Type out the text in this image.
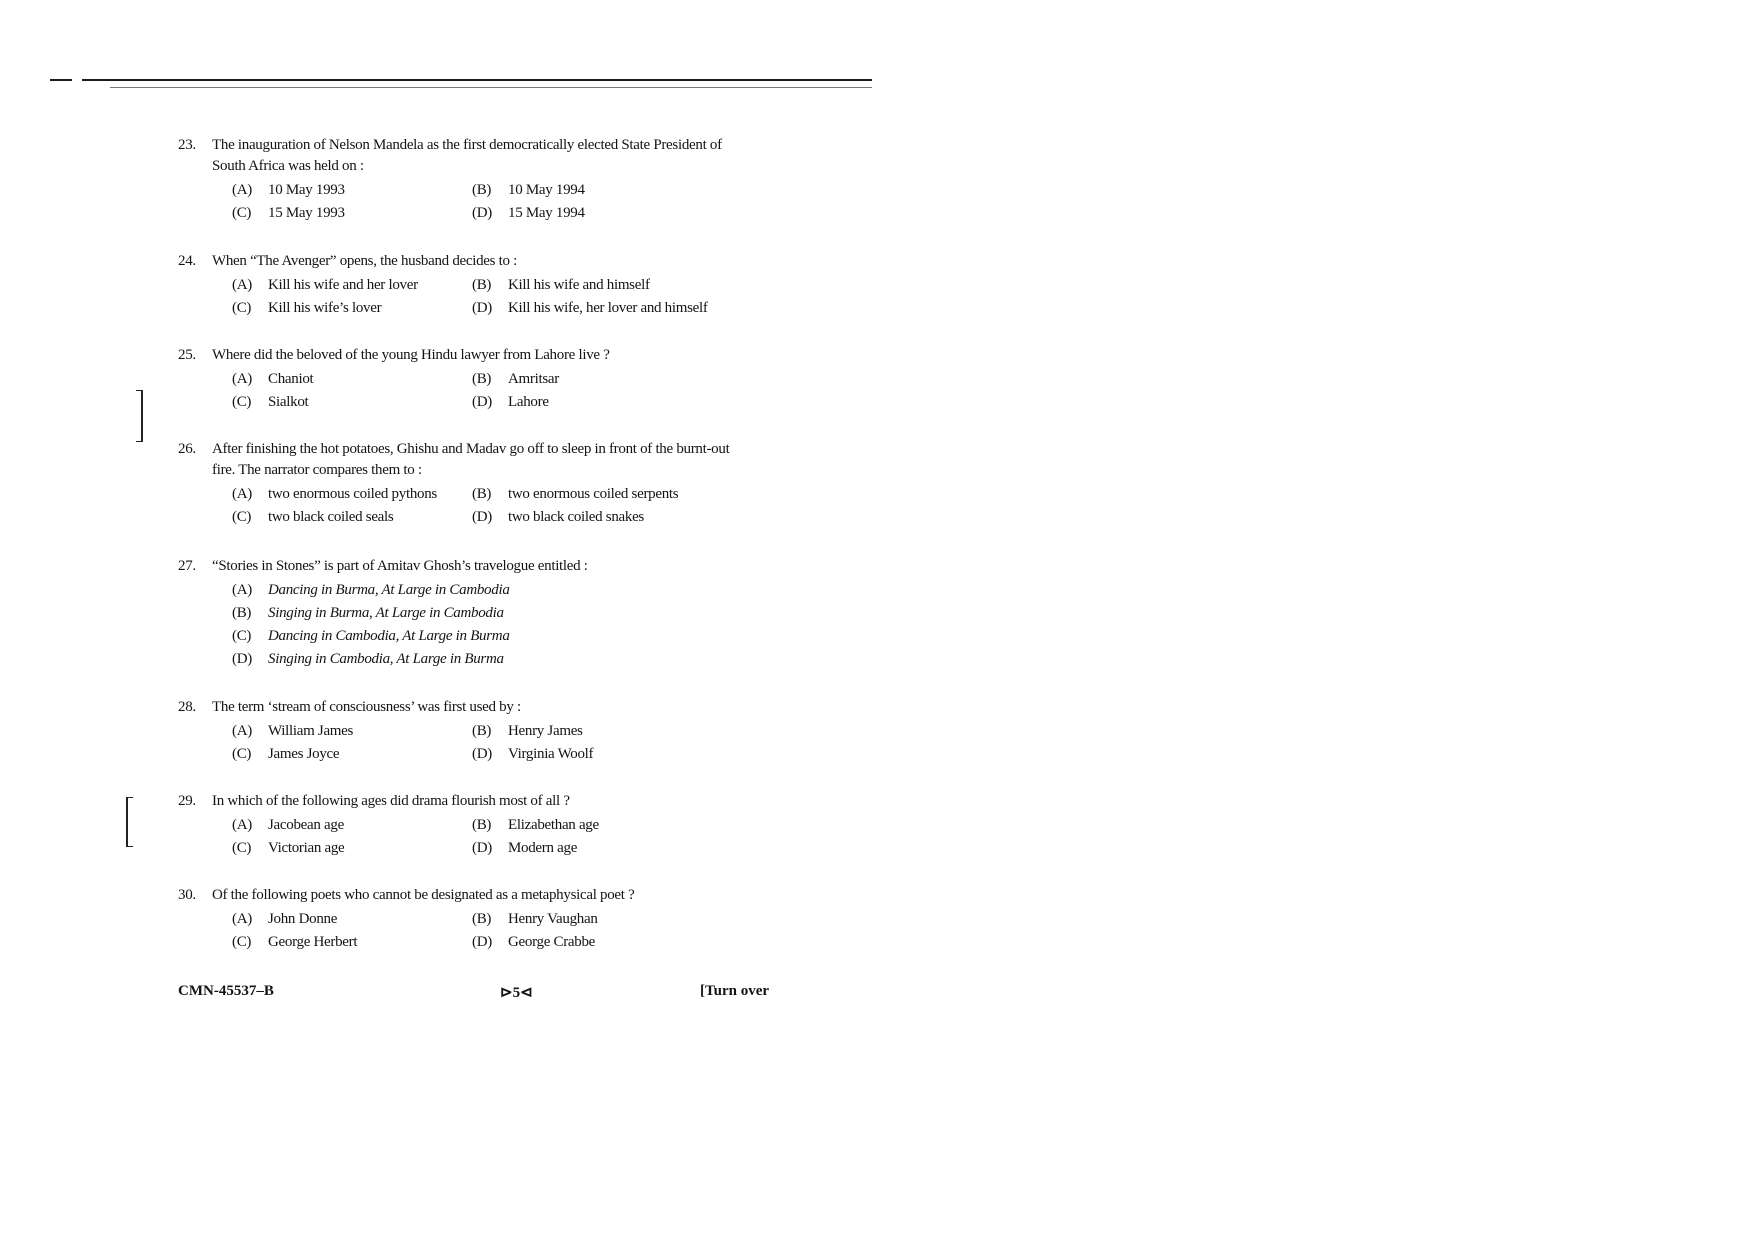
23.	The inauguration of Nelson Mandela as the first democratically elected State President of South Africa was held on :
(A)	10 May 1993	(B)	10 May 1994
(C)	15 May 1993	(D)	15 May 1994
24.	When “The Avenger” opens, the husband decides to :
(A)	Kill his wife and her lover	(B)	Kill his wife and himself
(C)	Kill his wife’s lover	(D)	Kill his wife, her lover and himself
25.	Where did the beloved of the young Hindu lawyer from Lahore live ?
(A)	Chaniot	(B)	Amritsar
(C)	Sialkot	(D)	Lahore
26.	After finishing the hot potatoes, Ghishu and Madav go off to sleep in front of the burnt-out fire. The narrator compares them to :
(A)	two enormous coiled pythons (B)	two enormous coiled serpents
(C)	two black coiled seals	(D)	two black coiled snakes
27.	“Stories in Stones” is part of Amitav Ghosh’s travelogue entitled :
(A)	Dancing in Burma, At Large in Cambodia
(B)	Singing in Burma, At Large in Cambodia
(C)	Dancing in Cambodia, At Large in Burma
(D)	Singing in Cambodia, At Large in Burma
28.	The term ‘stream of consciousness’ was first used by :
(A)	William James	(B)	Henry James
(C)	James Joyce	(D)	Virginia Woolf
29.	In which of the following ages did drama flourish most of all ?
(A)	Jacobean age	(B)	Elizabethan age
(C)	Victorian age	(D)	Modern age
30.	Of the following poets who cannot be designated as a metaphysical poet ?
(A)	John Donne	(B)	Henry Vaughan
(C)	George Herbert	(D)	George Crabbe
CMN-45537–B	⊳5⊲	[Turn over
